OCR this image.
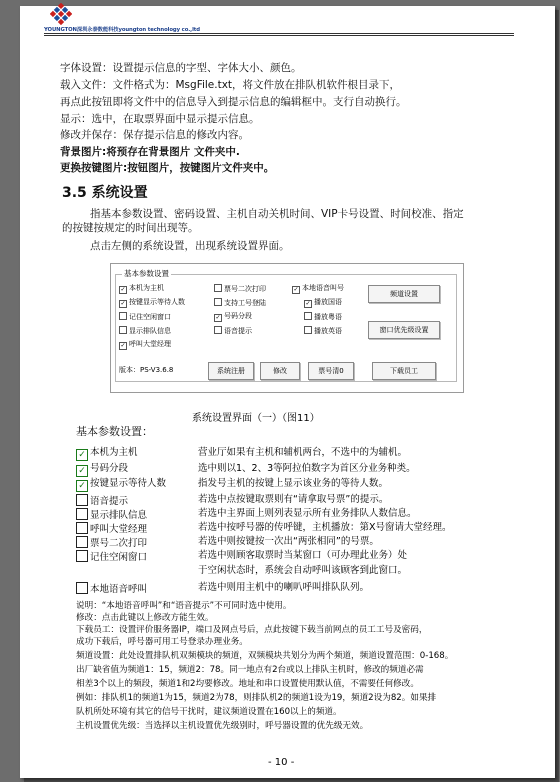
YOUNGTON深圳永泰数能科技youngton technology co.,ltd
字体设置：设置提示信息的字型、字体大小、颜色。
载入文件：文件格式为：MsgFile.txt，将文件放在排队机软件根目录下，
再点此按钮即将文件中的信息导入到提示信息的编辑框中。支行自动换行。
显示：选中，在取票界面中显示提示信息。
修改并保存：保存提示信息的修改内容。
背景图片:将预存在背景图片 文件夹中.
更换按键图片:按钮图片，按键图片文件夹中。
3.5 系统设置
指基本参数设置、密码设置、主机自动关机时间、VIP卡号设置、时间校准、指定
的按键按规定的时间出现等。
点击左侧的系统设置，出现系统设置界面。
基本参数设置
✓ 本机为主机
✓ 按键显示等待人数
记住空闲窗口
显示排队信息
✓ 呼叫大堂经理
票号二次打印
支持工号登陆
✓ 号码分段
语音提示
✓ 本地语音叫号
✓ 播放国语
播放粤语
播放英语
频道设置
窗口优先级设置
版本：PS-V3.6.8	系统注册	修改	票号清0	下载员工
系统设置界面（一）（图11）
基本参数设置：
✓ 本机为主机	营业厅如果有主机和辅机两台，不选中的为辅机。
✓ 号码分段	选中则以1、2、3等阿拉伯数字为首区分业务种类。
✓ 按键显示等待人数	指发号主机的按键上显示该业务的等待人数。
语音提示	若选中点按键取票则有“请拿取号票”的提示。
显示排队信息	若选中主界面上则列表显示所有业务排队人数信息。
呼叫大堂经理	若选中按呼号器的传呼键，主机播放：第X号窗请大堂经理。
票号二次打印	若选中则按键按一次出“两张相同”的号票。
记住空闲窗口	若选中则顾客取票时当某窗口（可办理此业务）处
于空闲状态时，系统会自动呼叫该顾客到此窗口。
本地语音呼叫	若选中则用主机中的喇叭呼叫排队队列。
说明：“本地语音呼叫”和“语音提示”不可同时选中使用。
修改：点击此键以上修改方能生效。
下载员工：设置评价服务器IP，端口及网点号后，点此按键下载当前网点的员工工号及密码，
成功下载后，呼号器可用工号登录办理业务。
频道设置：此处设置排队机双频模块的频道，双频模块共划分为两个频道，频道设置范围：0-168。
出厂缺省值为频道1：15，频道2：78。同一地点有2台或以上排队主机时，修改的频道必需
相差3个以上的频段，频道1和2均要修改。地址和串口设置使用默认值，不需要任何修改。
例如：排队机1的频道1为15，频道2为78，则排队机2的频道1设为19，频道2设为82。如果排
队机所处环境有其它的信号干扰时，建议频道设置在160以上的频道。
主机设置优先级：当选择以主机设置优先级别时，呼号器设置的优先级无效。
- 10 -
